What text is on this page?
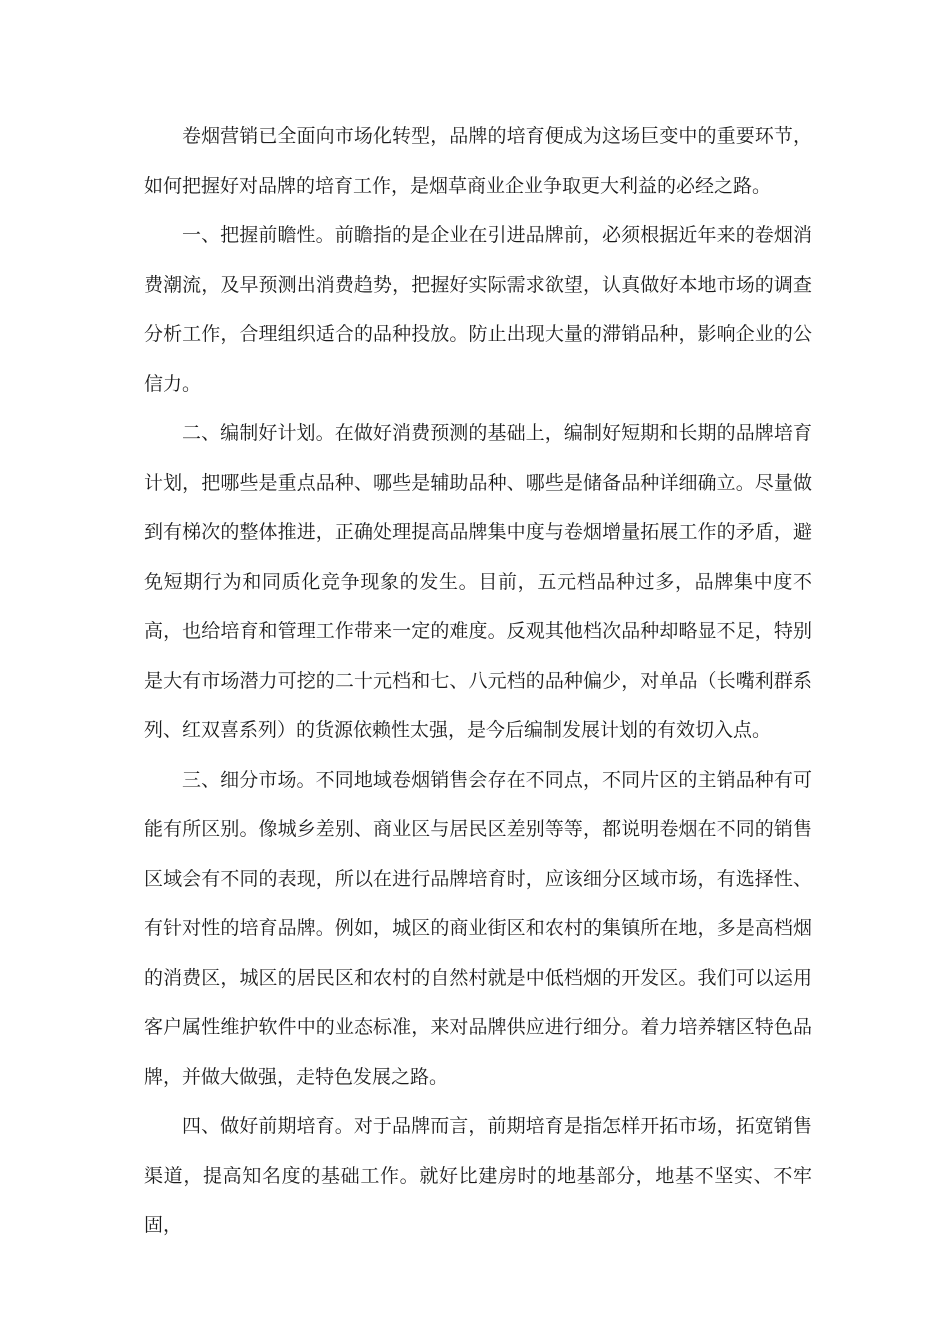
卷烟营销已全面向市场化转型，品牌的培育便成为这场巨变中的重要环节，如何把握好对品牌的培育工作，是烟草商业企业争取更大利益的必经之路。

一、把握前瞻性。前瞻指的是企业在引进品牌前，必须根据近年来的卷烟消费潮流，及早预测出消费趋势，把握好实际需求欲望，认真做好本地市场的调查分析工作，合理组织适合的品种投放。防止出现大量的滞销品种，影响企业的公信力。

二、编制好计划。在做好消费预测的基础上，编制好短期和长期的品牌培育计划，把哪些是重点品种、哪些是辅助品种、哪些是储备品种详细确立。尽量做到有梯次的整体推进，正确处理提高品牌集中度与卷烟增量拓展工作的矛盾，避免短期行为和同质化竞争现象的发生。目前，五元档品种过多，品牌集中度不高，也给培育和管理工作带来一定的难度。反观其他档次品种却略显不足，特别是大有市场潜力可挖的二十元档和七、八元档的品种偏少，对单品（长嘴利群系列、红双喜系列）的货源依赖性太强，是今后编制发展计划的有效切入点。

三、细分市场。不同地域卷烟销售会存在不同点，不同片区的主销品种有可能有所区别。像城乡差别、商业区与居民区差别等等，都说明卷烟在不同的销售区域会有不同的表现，所以在进行品牌培育时，应该细分区域市场，有选择性、有针对性的培育品牌。例如，城区的商业街区和农村的集镇所在地，多是高档烟的消费区，城区的居民区和农村的自然村就是中低档烟的开发区。我们可以运用客户属性维护软件中的业态标准，来对品牌供应进行细分。着力培养辖区特色品牌，并做大做强，走特色发展之路。

四、做好前期培育。对于品牌而言，前期培育是指怎样开拓市场，拓宽销售渠道，提高知名度的基础工作。就好比建房时的地基部分，地基不坚实、不牢固，
